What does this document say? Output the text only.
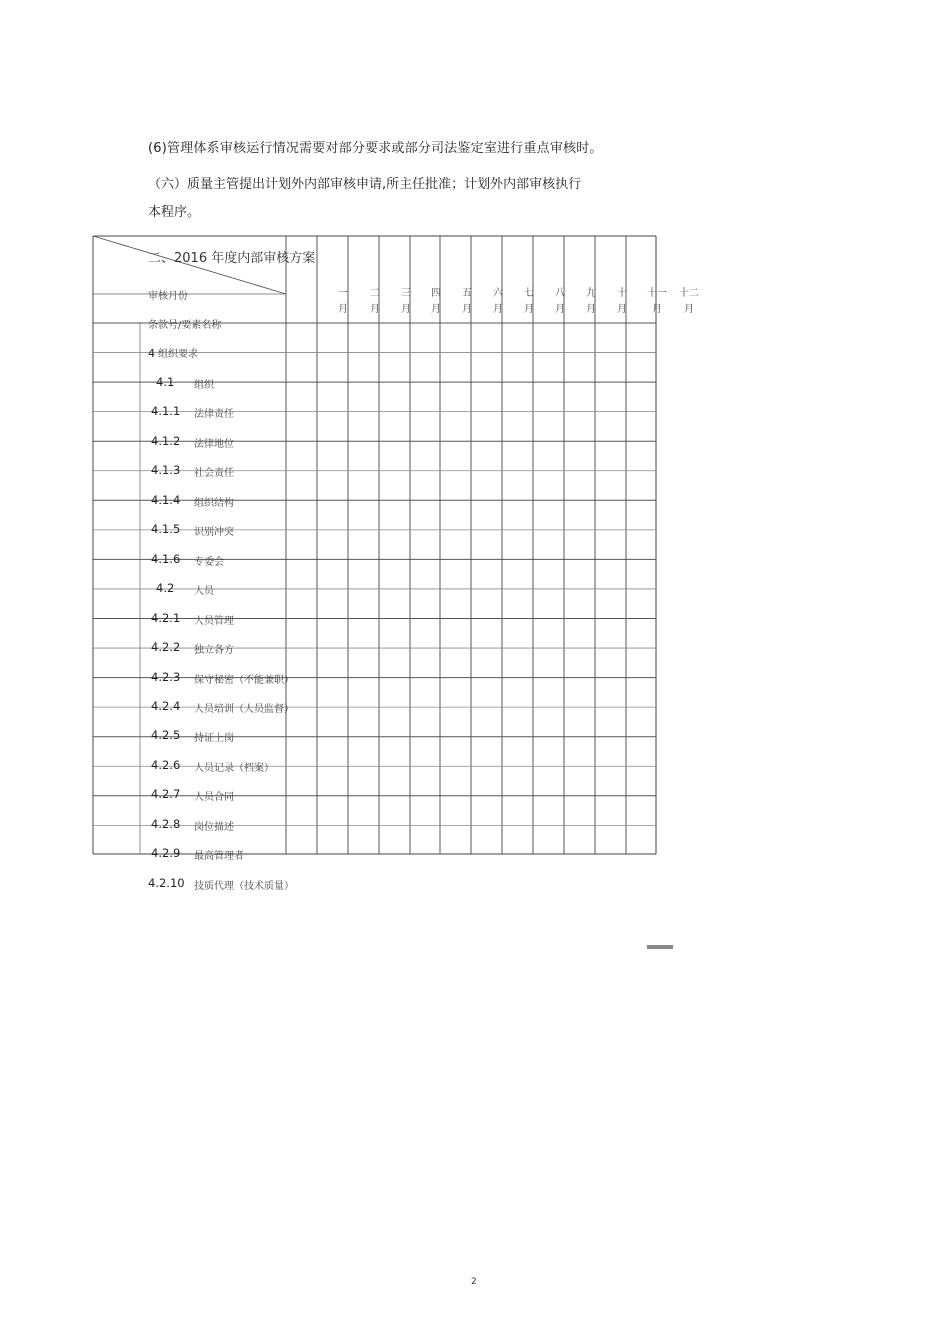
(6)管理体系审核运行情况需要对部分要求或部分司法鉴定室进行重点审核时。
（六）质量主管提出计划外内部审核申请,所主任批准；计划外内部审核执行
本程序。
二、2016 年度内部审核方案
审核月份
条款号/要素名称
一
月
二
月
三
月
四
月
五
月
六
月
七
月
八
月
九
月
十
月
十一
月
十二
月
4 组织要求
4.1 组织
4.1.1 法律责任
4.1.2 法律地位
4.1.3 社会责任
4.1.4 组织结构
4.1.5 识别冲突
4.1.6 专委会
4.2 人员
4.2.1 人员管理
4.2.2 独立各方
4.2.3 保守秘密（不能兼职）
4.2.4 人员培训（人员监督）
4.2.5 持证上岗
4.2.6 人员记录（档案）
4.2.7 人员合同
4.2.8 岗位描述
4.2.9 最高管理者
4.2.10 技质代理（技术质量）
2
